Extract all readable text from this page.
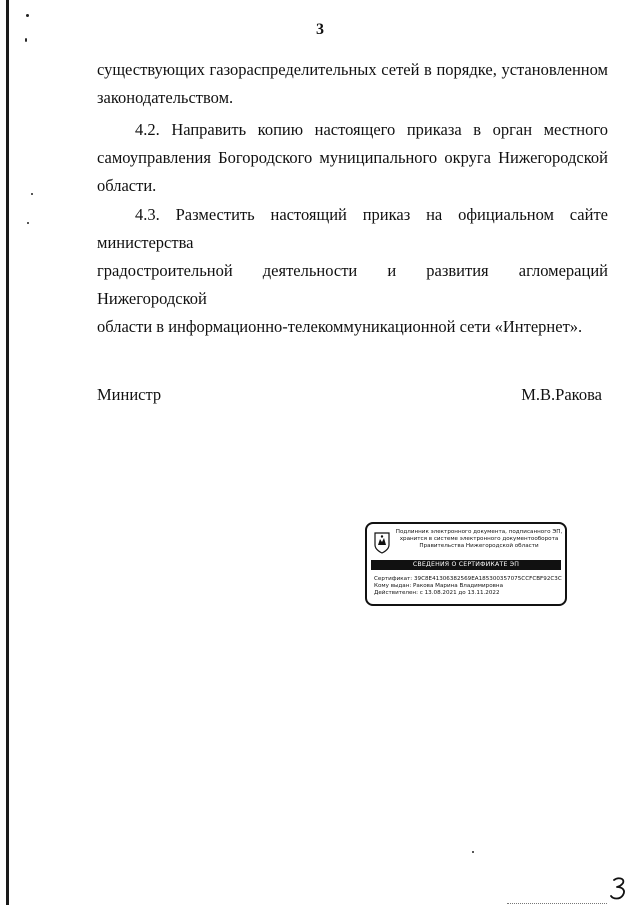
3

существующих газораспределительных сетей в порядке, установленном

законодательством.

4.2. Направить копию настоящего приказа в орган местного

самоуправления Богородского муниципального округа Нижегородской

области.

4.3. Разместить настоящий приказ на официальном сайте министерства

градостроительной деятельности и развития агломераций Нижегородской

области в информационно-телекоммуникационной сети «Интернет».

Министр	М.В.Ракова
Подлинник электронного документа, подписанного ЭП,
хранится в системе электронного документооборота
Правительства Нижегородской области
СВЕДЕНИЯ О СЕРТИФИКАТЕ ЭП
Сертификат: 39C8E41306382569EA185300357075CCFCBF92C3C
Кому выдан: Ракова Марина Владимировна
Действителен: с 13.08.2021 до 13.11.2022
